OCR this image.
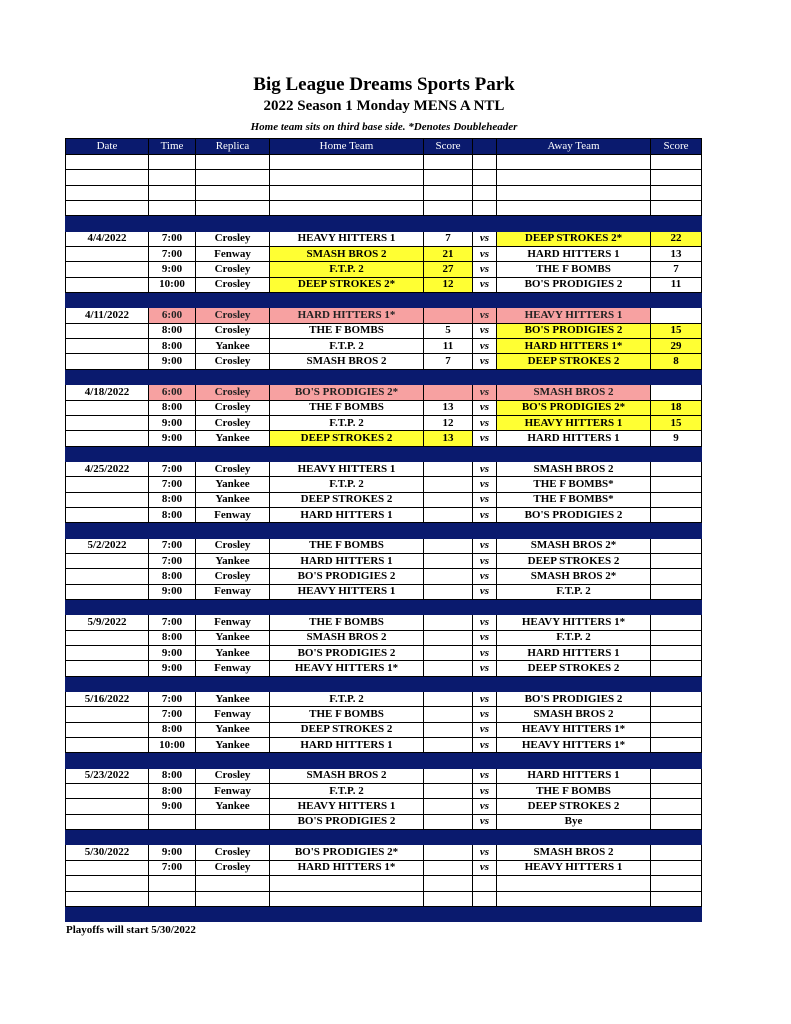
Big League Dreams Sports Park
2022 Season 1 Monday MENS A NTL
Home team sits on third base side. *Denotes Doubleheader
Date	Time	Replica	Home Team	Score		Away Team	Score

4/4/2022	7:00	Crosley	HEAVY HITTERS 1	7	vs	DEEP STROKES 2*	22
	7:00	Fenway	SMASH BROS 2	21	vs	HARD HITTERS 1	13
	9:00	Crosley	F.T.P. 2	27	vs	THE F BOMBS	7
	10:00	Crosley	DEEP STROKES 2*	12	vs	BO'S PRODIGIES 2	11

4/11/2022	6:00	Crosley	HARD HITTERS 1*		vs	HEAVY HITTERS 1	
	8:00	Crosley	THE F BOMBS	5	vs	BO'S PRODIGIES 2	15
	8:00	Yankee	F.T.P. 2	11	vs	HARD HITTERS 1*	29
	9:00	Crosley	SMASH BROS 2	7	vs	DEEP STROKES 2	8

4/18/2022	6:00	Crosley	BO'S PRODIGIES 2*		vs	SMASH BROS 2	
	8:00	Crosley	THE F BOMBS	13	vs	BO'S PRODIGIES 2*	18
	9:00	Crosley	F.T.P. 2	12	vs	HEAVY HITTERS 1	15
	9:00	Yankee	DEEP STROKES 2	13	vs	HARD HITTERS 1	9

4/25/2022	7:00	Crosley	HEAVY HITTERS 1		vs	SMASH BROS 2	
	7:00	Yankee	F.T.P. 2		vs	THE F BOMBS*	
	8:00	Yankee	DEEP STROKES 2		vs	THE F BOMBS*	
	8:00	Fenway	HARD HITTERS 1		vs	BO'S PRODIGIES 2	

5/2/2022	7:00	Crosley	THE F BOMBS		vs	SMASH BROS 2*	
	7:00	Yankee	HARD HITTERS 1		vs	DEEP STROKES 2	
	8:00	Crosley	BO'S PRODIGIES 2		vs	SMASH BROS 2*	
	9:00	Fenway	HEAVY HITTERS 1		vs	F.T.P. 2	

5/9/2022	7:00	Fenway	THE F BOMBS		vs	HEAVY HITTERS 1*	
	8:00	Yankee	SMASH BROS 2		vs	F.T.P. 2	
	9:00	Yankee	BO'S PRODIGIES 2		vs	HARD HITTERS 1	
	9:00	Fenway	HEAVY HITTERS 1*		vs	DEEP STROKES 2	

5/16/2022	7:00	Yankee	F.T.P. 2		vs	BO'S PRODIGIES 2	
	7:00	Fenway	THE F BOMBS		vs	SMASH BROS 2	
	8:00	Yankee	DEEP STROKES 2		vs	HEAVY HITTERS 1*	
	10:00	Yankee	HARD HITTERS 1		vs	HEAVY HITTERS 1*	

5/23/2022	8:00	Crosley	SMASH BROS 2		vs	HARD HITTERS 1	
	8:00	Fenway	F.T.P. 2		vs	THE F BOMBS	
	9:00	Yankee	HEAVY HITTERS 1		vs	DEEP STROKES 2	
			BO'S PRODIGIES 2		vs	Bye	

5/30/2022	9:00	Crosley	BO'S PRODIGIES 2*		vs	SMASH BROS 2	
	7:00	Crosley	HARD HITTERS 1*		vs	HEAVY HITTERS 1	

Playoffs will start 5/30/2022
